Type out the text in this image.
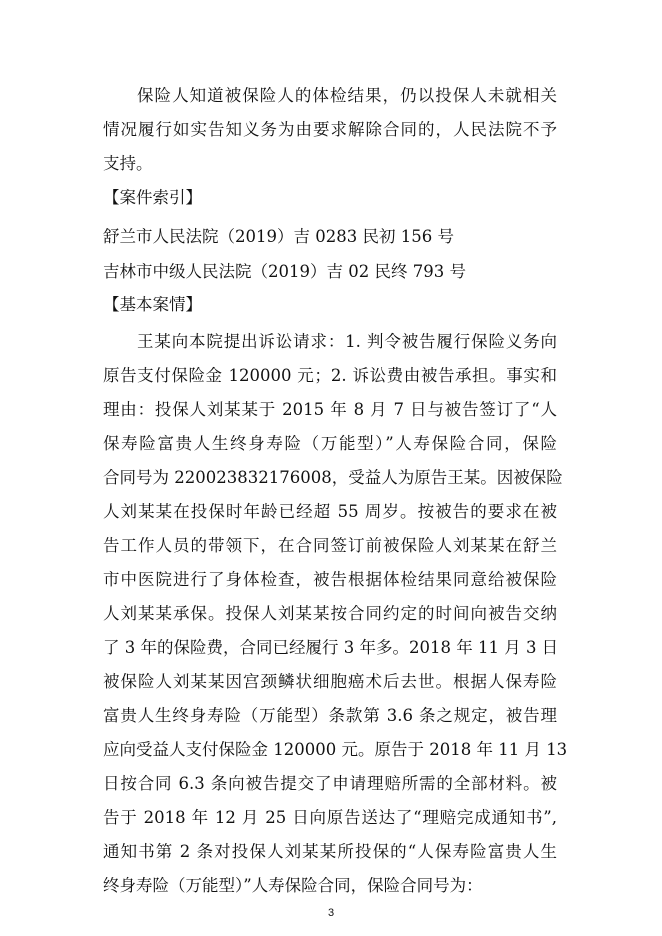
保险人知道被保险人的体检结果，仍以投保人未就相关
情况履行如实告知义务为由要求解除合同的，人民法院不予
支持。
【案件索引】
舒兰市人民法院（2019）吉 0283 民初 156 号
吉林市中级人民法院（2019）吉 02 民终 793 号
【基本案情】
王某向本院提出诉讼请求：1. 判令被告履行保险义务向
原告支付保险金 120000 元；2. 诉讼费由被告承担。事实和
理由：投保人刘某某于 2015 年 8 月 7 日与被告签订了“人
保寿险富贵人生终身寿险（万能型）”人寿保险合同，保险
合同号为 220023832176008，受益人为原告王某。因被保险
人刘某某在投保时年龄已经超 55 周岁。按被告的要求在被
告工作人员的带领下，在合同签订前被保险人刘某某在舒兰
市中医院进行了身体检查，被告根据体检结果同意给被保险
人刘某某承保。投保人刘某某按合同约定的时间向被告交纳
了 3 年的保险费，合同已经履行 3 年多。2018 年 11 月 3 日
被保险人刘某某因宫颈鳞状细胞癌术后去世。根据人保寿险
富贵人生终身寿险（万能型）条款第 3.6 条之规定，被告理
应向受益人支付保险金 120000 元。原告于 2018 年 11 月 13
日按合同 6.3 条向被告提交了申请理赔所需的全部材料。被
告于 2018 年 12 月 25 日向原告送达了“理赔完成通知书”,
通知书第 2 条对投保人刘某某所投保的“人保寿险富贵人生
终身寿险（万能型）”人寿保险合同，保险合同号为：
3
